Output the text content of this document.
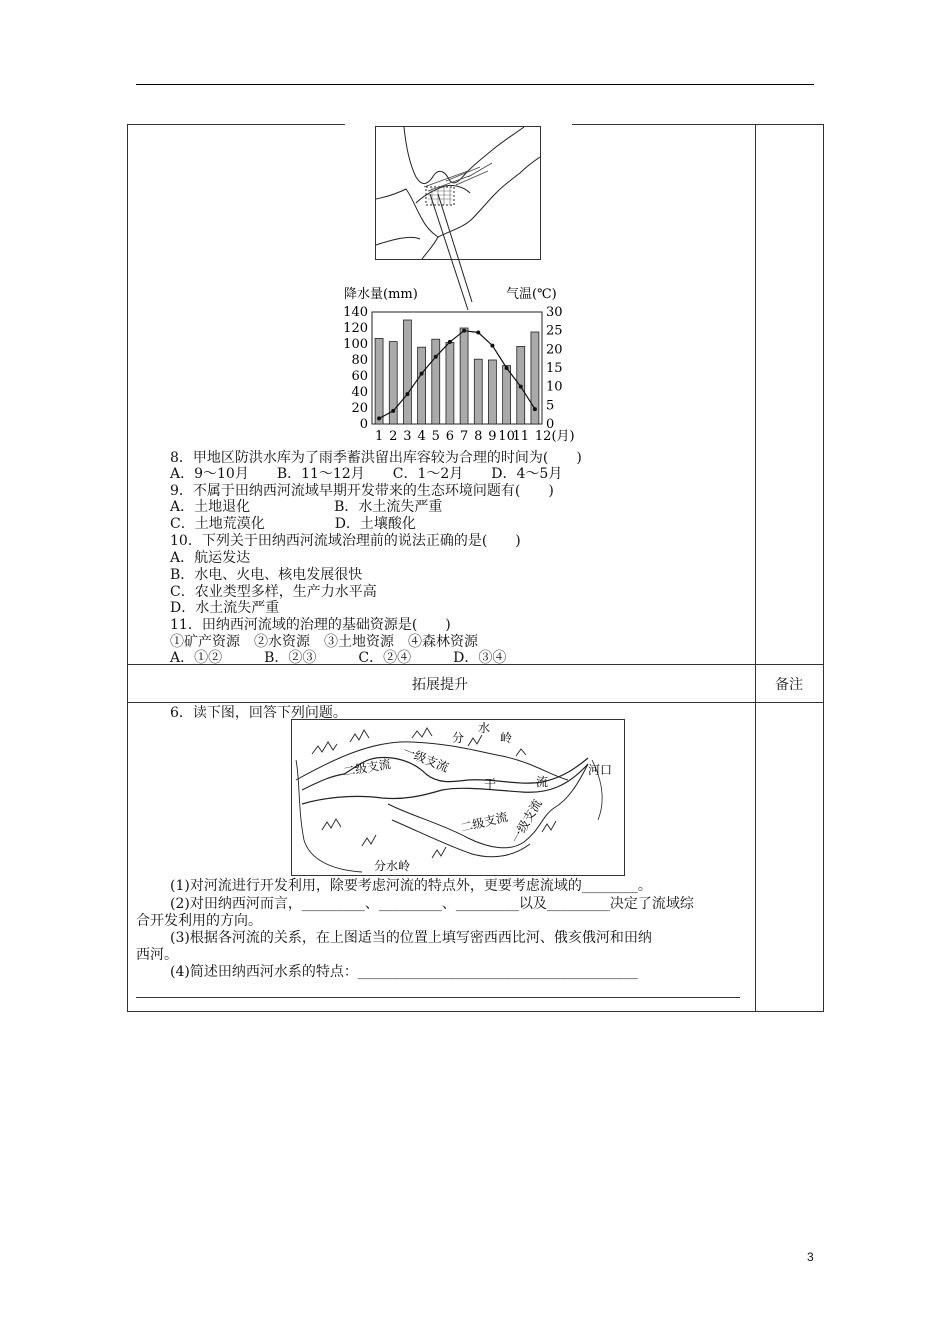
降水量(mm)	气温(℃)
0
20
40
60
80
100
120
140
0
5
10
15
20
25
30
1 2 3 4 5 6 7 8 9 10
11 12(月)
8．甲地区防洪水库为了雨季蓄洪留出库容较为合理的时间为(　　)
A．9～10月　　B．11～12月　　C．1～2月　　D．4～5月
9．不属于田纳西河流域早期开发带来的生态环境问题有(　　)
A．土地退化　　　　　　B．水土流失严重
C．土地荒漠化　　　　　D．土壤酸化
10．下列关于田纳西河流域治理前的说法正确的是(　　)
A．航运发达
B．水电、火电、核电发展很快
C．农业类型多样，生产力水平高
D．水土流失严重
11．田纳西河流域的治理的基础资源是(　　)
①矿产资源　②水资源　③土地资源　④森林资源
A．①②　　　B．②③　　　C．②④　　　D．③④
拓展提升	备注
6．读下图，回答下列问题。
分
水
岭
一级支流
二级支流
干	流
河口
二级支流 一级支流
分水岭
(1)对河流进行开发利用，除要考虑河流的特点外，更要考虑流域的________。
(2)对田纳西河而言，_________、_________、_________以及_________决定了流域综
合开发利用的方向。
(3)根据各河流的关系，在上图适当的位置上填写密西西比河、俄亥俄河和田纳
西河。
(4)简述田纳西河水系的特点：________________________________________
3
